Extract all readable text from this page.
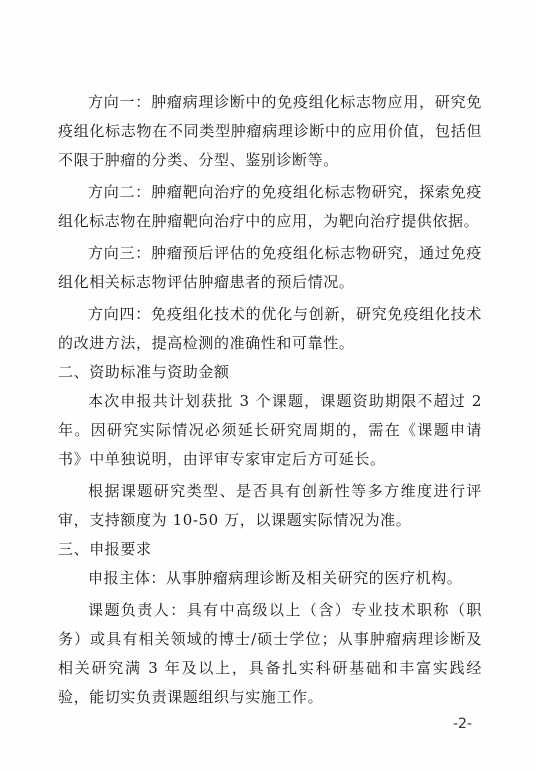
方向一：肿瘤病理诊断中的免疫组化标志物应用，研究免疫组化标志物在不同类型肿瘤病理诊断中的应用价值，包括但不限于肿瘤的分类、分型、鉴别诊断等。

方向二：肿瘤靶向治疗的免疫组化标志物研究，探索免疫组化标志物在肿瘤靶向治疗中的应用，为靶向治疗提供依据。

方向三：肿瘤预后评估的免疫组化标志物研究，通过免疫组化相关标志物评估肿瘤患者的预后情况。

方向四：免疫组化技术的优化与创新，研究免疫组化技术的改进方法，提高检测的准确性和可靠性。

二、资助标准与资助金额

本次申报共计划获批 3 个课题，课题资助期限不超过 2 年。因研究实际情况必须延长研究周期的，需在《课题申请书》中单独说明，由评审专家审定后方可延长。

根据课题研究类型、是否具有创新性等多方维度进行评审，支持额度为 10-50 万，以课题实际情况为准。

三、申报要求

申报主体：从事肿瘤病理诊断及相关研究的医疗机构。

课题负责人：具有中高级以上（含）专业技术职称（职务）或具有相关领域的博士/硕士学位；从事肿瘤病理诊断及相关研究满 3 年及以上，具备扎实科研基础和丰富实践经验，能切实负责课题组织与实施工作。

-2-
